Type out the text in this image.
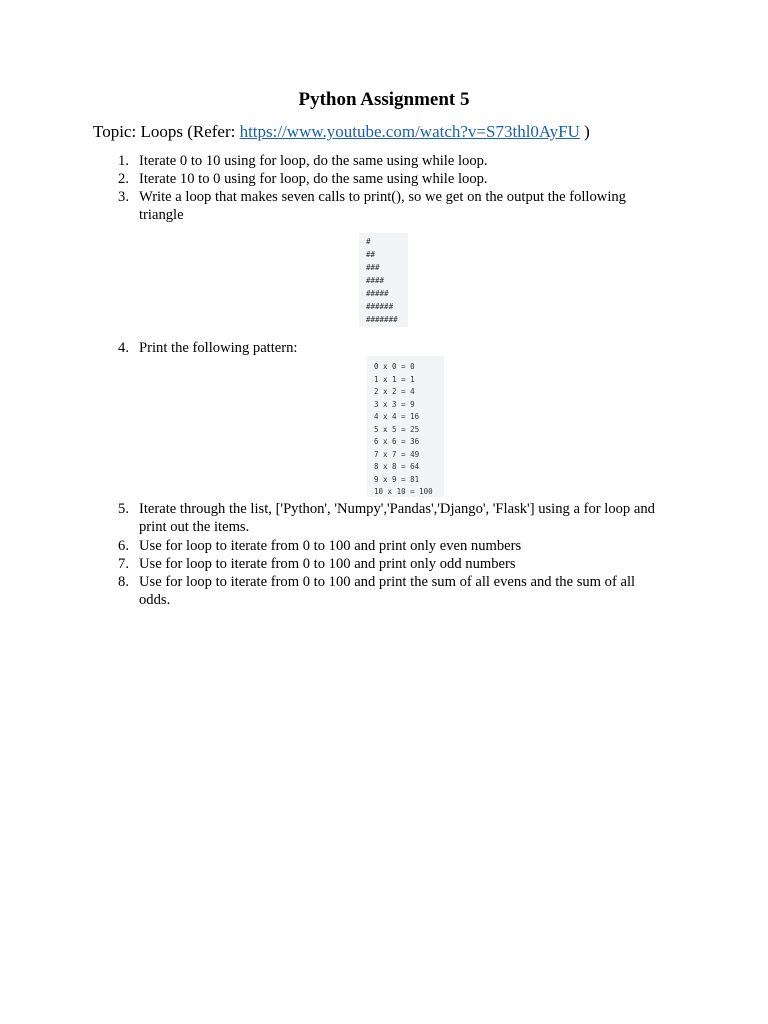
Python Assignment 5
Topic: Loops (Refer: https://www.youtube.com/watch?v=S73thl0AyFU )
1. Iterate 0 to 10 using for loop, do the same using while loop.
2. Iterate 10 to 0 using for loop, do the same using while loop.
3. Write a loop that makes seven calls to print(), so we get on the output the following triangle
#
##
###
####
#####
######
#######
4. Print the following pattern:
0 x 0 = 0
1 x 1 = 1
2 x 2 = 4
3 x 3 = 9
4 x 4 = 16
5 x 5 = 25
6 x 6 = 36
7 x 7 = 49
8 x 8 = 64
9 x 9 = 81
10 x 10 = 100
5. Iterate through the list, ['Python', 'Numpy','Pandas','Django', 'Flask'] using a for loop and print out the items.
6. Use for loop to iterate from 0 to 100 and print only even numbers
7. Use for loop to iterate from 0 to 100 and print only odd numbers
8. Use for loop to iterate from 0 to 100 and print the sum of all evens and the sum of all odds.
